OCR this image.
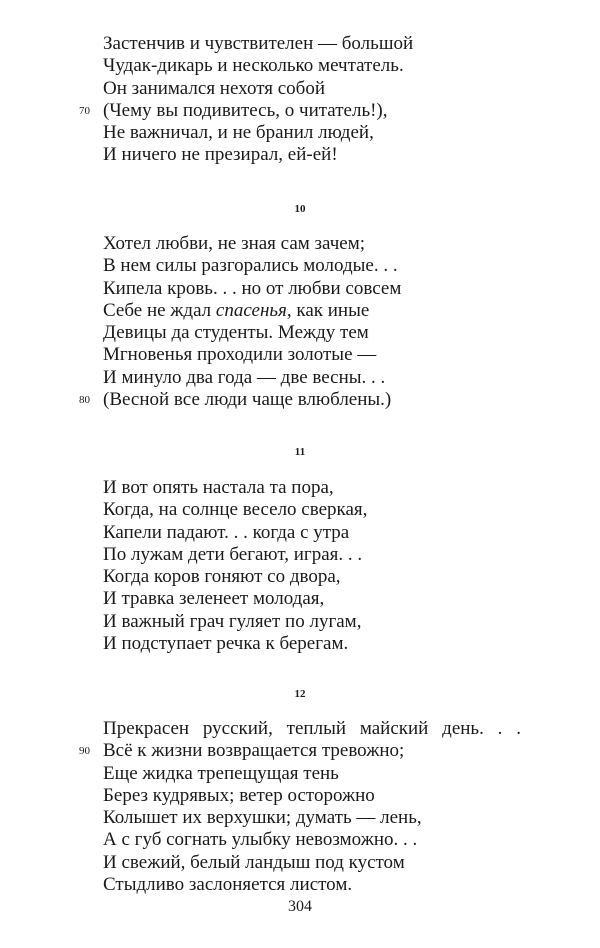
Застенчив и чувствителен — большой
Чудак-дикарь и несколько мечтатель.
Он занимался нехотя собой
70 (Чему вы подивитесь, о читатель!),
Не важничал, и не бранил людей,
И ничего не презирал, ей-ей!
10
Хотел любви, не зная сам зачем;
В нем силы разгорались молодые. . .
Кипела кровь. . . но от любви совсем
Себе не ждал спасенья, как иные
Девицы да студенты. Между тем
Мгновенья проходили золотые —
И минуло два года — две весны. . .
80 (Весной все люди чаще влюблены.)
11
И вот опять настала та пора,
Когда, на солнце весело сверкая,
Капели падают. . . когда с утра
По лужам дети бегают, играя. . .
Когда коров гоняют со двора,
И травка зеленеет молодая,
И важный грач гуляет по лугам,
И подступает речка к берегам.
12
Прекрасен русский, теплый майский день. . .
90 Всё к жизни возвращается тревожно;
Еще жидка трепещущая тень
Берез кудрявых; ветер осторожно
Колышет их верхушки; думать — лень,
А с губ согнать улыбку невозможно. . .
И свежий, белый ландыш под кустом
Стыдливо заслоняется листом.
304
